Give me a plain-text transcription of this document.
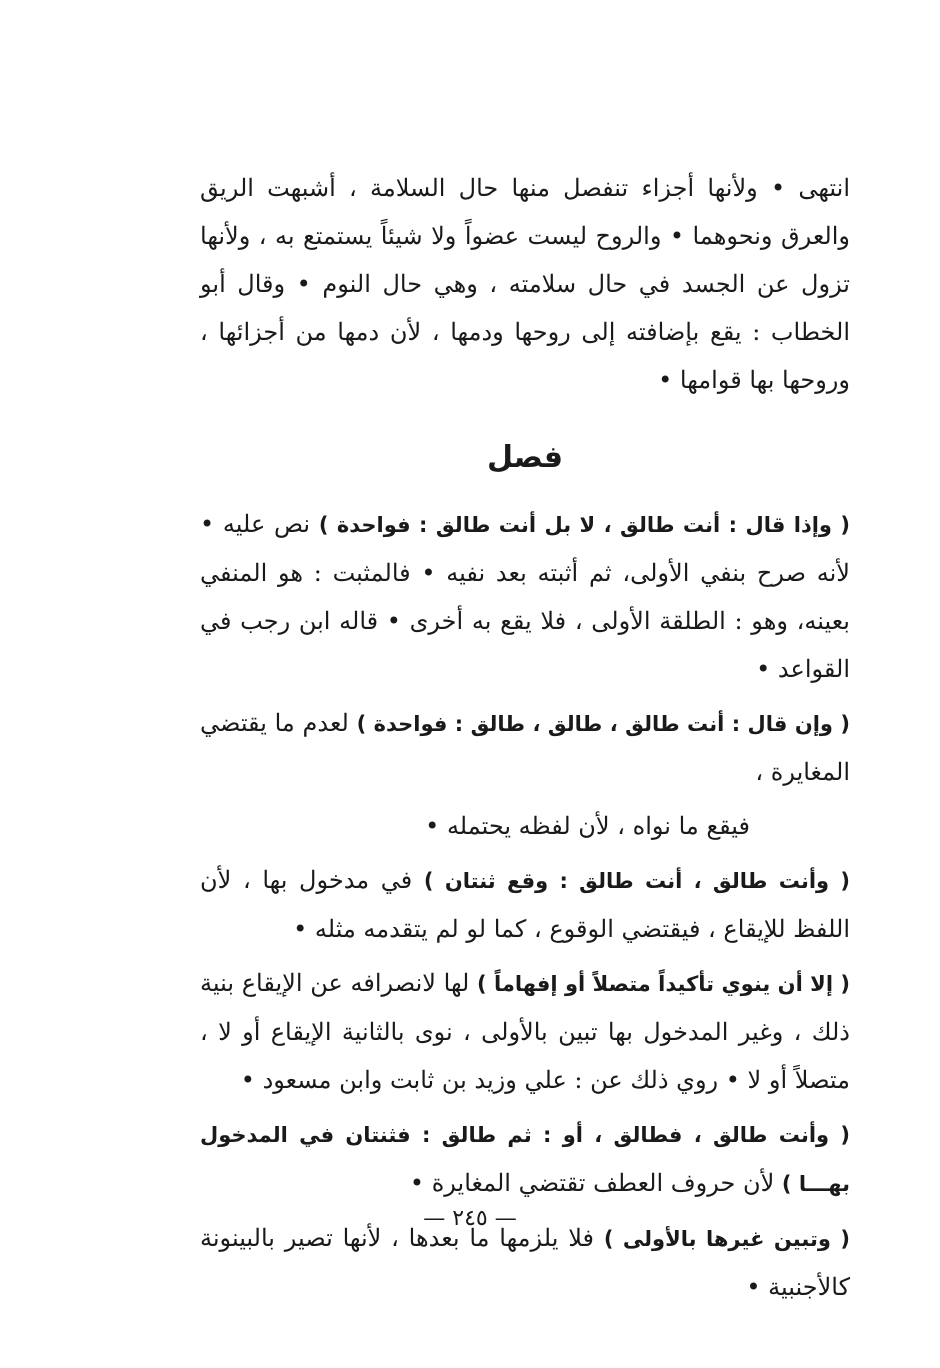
انتهى • ولأنها أجزاء تنفصل منها حال السلامة ، أشبهت الريق والعرق ونحوهما • والروح ليست عضواً ولا شيئاً يستمتع به ، ولأنها تزول عن الجسد في حال سلامته ، وهي حال النوم • وقال أبو الخطاب : يقع بإضافته إلى روحها ودمها ، لأن دمها من أجزائها ، وروحها بها قوامها •

فصل

( وإذا قال : أنت طالق ، لا بل أنت طالق : فواحدة ) نص عليه • لأنه صرح بنفي الأولى، ثم أثبته بعد نفيه • فالمثبت : هو المنفي بعينه، وهو : الطلقة الأولى ، فلا يقع به أخرى • قاله ابن رجب في القواعد •

( وإن قال : أنت طالق ، طالق ، طالق : فواحدة ) لعدم ما يقتضي المغايرة ،

فيقع ما نواه ، لأن لفظه يحتمله •

( وأنت طالق ، أنت طالق : وقع ثنتان ) في مدخول بها ، لأن اللفظ للإيقاع ، فيقتضي الوقوع ، كما لو لم يتقدمه مثله •

( إلا أن ينوي تأكيداً متصلاً أو إفهاماً ) لها لانصرافه عن الإيقاع بنية ذلك ، وغير المدخول بها تبين بالأولى ، نوى بالثانية الإيقاع أو لا ، متصلاً أو لا • روي ذلك عن : علي وزيد بن ثابت وابن مسعود •

( وأنت طالق ، فطالق ، أو : ثم طالق : فثنتان في المدخول بهـــا ) لأن حروف العطف تقتضي المغايرة •

( وتبين غيرها بالأولى ) فلا يلزمها ما بعدها ، لأنها تصير بالبينونة كالأجنبية •

— ٢٤٥ —
